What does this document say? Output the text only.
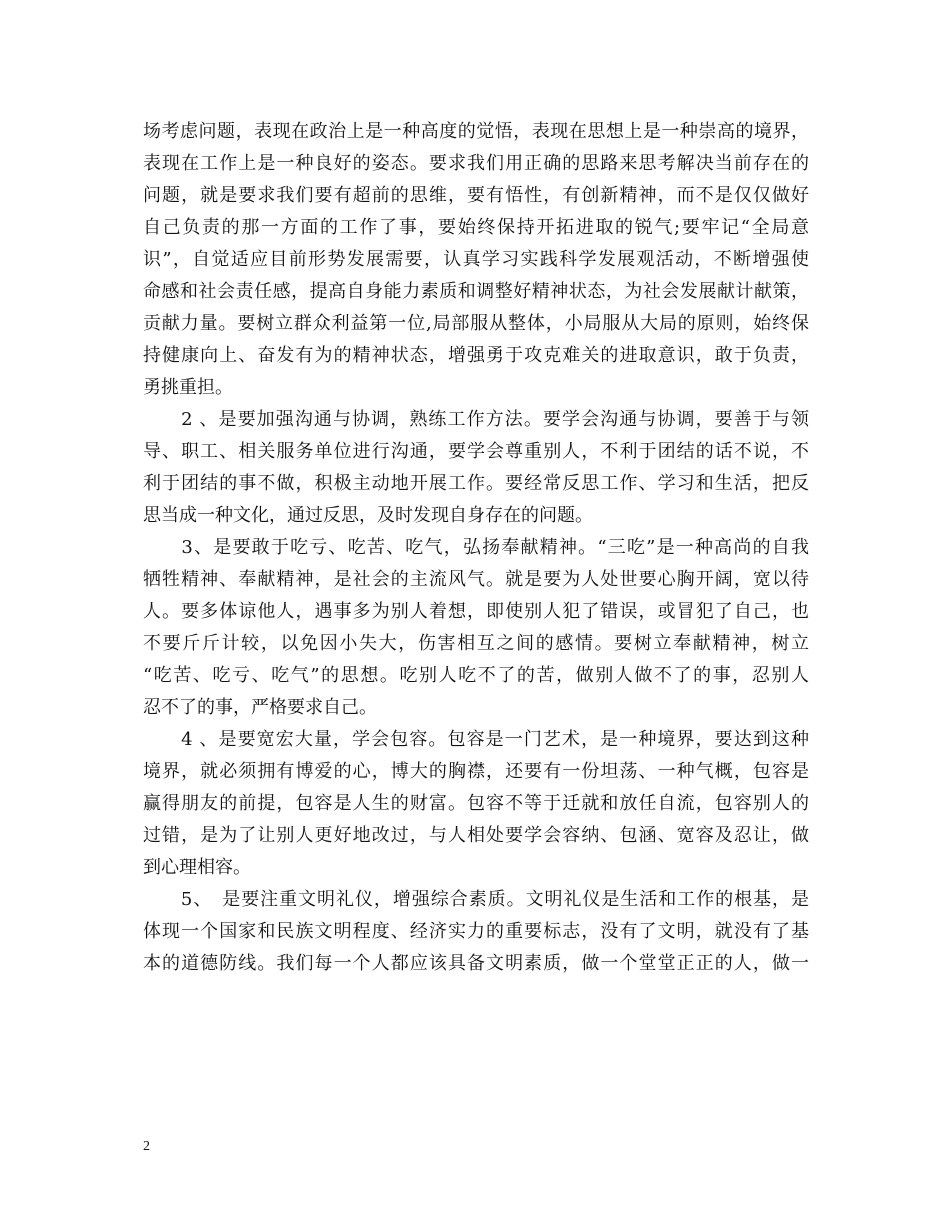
场考虑问题，表现在政治上是一种高度的觉悟，表现在思想上是一种崇高的境界，
表现在工作上是一种良好的姿态。要求我们用正确的思路来思考解决当前存在的
问题，就是要求我们要有超前的思维，要有悟性，有创新精神，而不是仅仅做好
自己负责的那一方面的工作了事，要始终保持开拓进取的锐气;要牢记“全局意
识”，自觉适应目前形势发展需要，认真学习实践科学发展观活动，不断增强使
命感和社会责任感，提高自身能力素质和调整好精神状态，为社会发展献计献策，
贡献力量。要树立群众利益第一位,局部服从整体，小局服从大局的原则，始终保
持健康向上、奋发有为的精神状态，增强勇于攻克难关的进取意识，敢于负责，
勇挑重担。
　　2 、是要加强沟通与协调，熟练工作方法。要学会沟通与协调，要善于与领
导、职工、相关服务单位进行沟通，要学会尊重别人，不利于团结的话不说，不
利于团结的事不做，积极主动地开展工作。要经常反思工作、学习和生活，把反
思当成一种文化，通过反思，及时发现自身存在的问题。
　　3、是要敢于吃亏、吃苦、吃气，弘扬奉献精神。“三吃”是一种高尚的自我
牺牲精神、奉献精神，是社会的主流风气。就是要为人处世要心胸开阔，宽以待
人。要多体谅他人，遇事多为别人着想，即使别人犯了错误，或冒犯了自己，也
不要斤斤计较，以免因小失大，伤害相互之间的感情。要树立奉献精神，树立
“吃苦、吃亏、吃气”的思想。吃别人吃不了的苦，做别人做不了的事，忍别人
忍不了的事，严格要求自己。
　　4 、是要宽宏大量，学会包容。包容是一门艺术，是一种境界，要达到这种
境界，就必须拥有博爱的心，博大的胸襟，还要有一份坦荡、一种气概，包容是
赢得朋友的前提，包容是人生的财富。包容不等于迁就和放任自流，包容别人的
过错，是为了让别人更好地改过，与人相处要学会容纳、包涵、宽容及忍让，做
到心理相容。
　　5、　是要注重文明礼仪，增强综合素质。文明礼仪是生活和工作的根基，是
体现一个国家和民族文明程度、经济实力的重要标志，没有了文明，就没有了基
本的道德防线。我们每一个人都应该具备文明素质，做一个堂堂正正的人，做一
2
